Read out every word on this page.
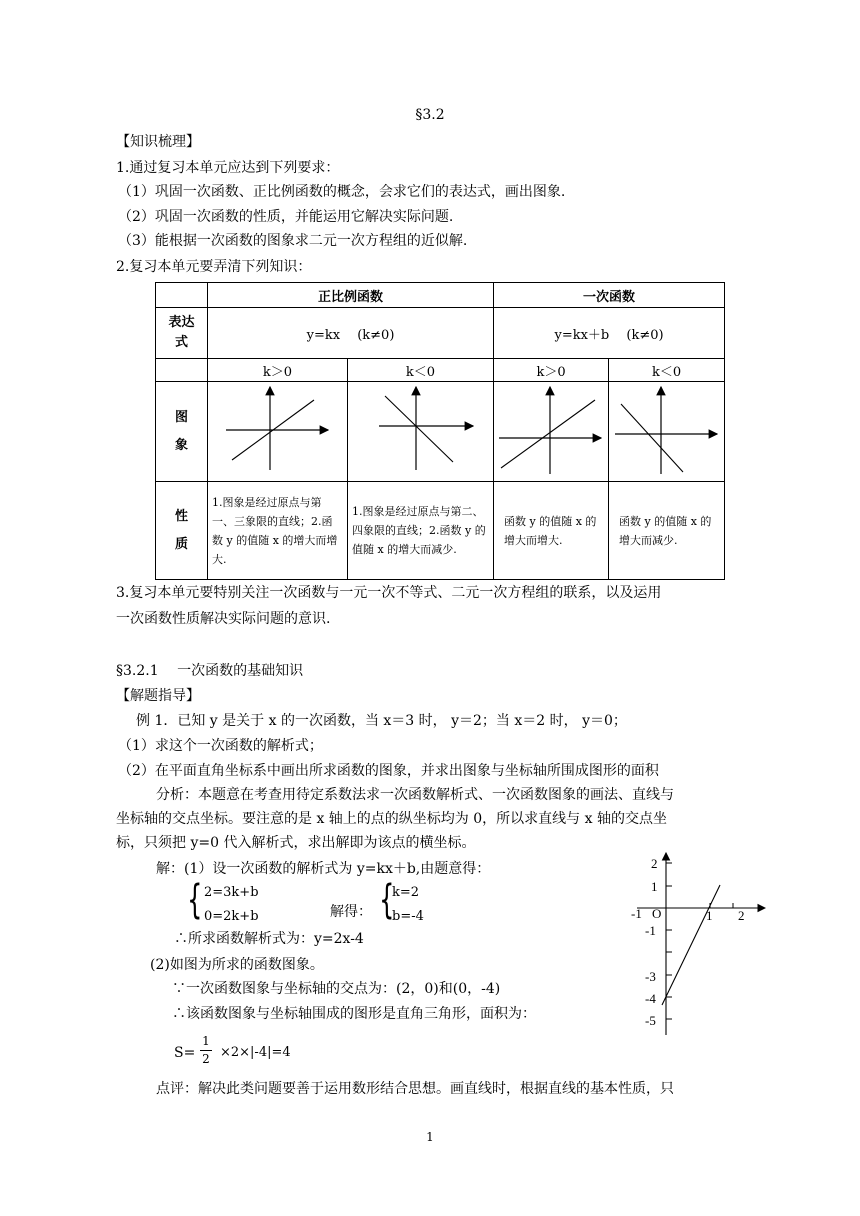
§3.2
【知识梳理】
1.通过复习本单元应达到下列要求：
（1）巩固一次函数、正比例函数的概念，会求它们的表达式，画出图象.
（2）巩固一次函数的性质，并能运用它解决实际问题.
（3）能根据一次函数的图象求二元一次方程组的近似解.
2.复习本单元要弄清下列知识：
	正比例函数		一次函数	
表达式	y=kx　 (k≠0)		y=kx＋b　 (k≠0)	
	k＞0	k＜0	k＞0	k＜0
图象				
性质	1.图象是经过原点与第一、三象限的直线；2.函数 y 的值随 x 的增大而增大.	1.图象是经过原点与第二、四象限的直线；2.函数 y 的值随 x 的增大而减少.	函数 y 的值随 x 的增大而增大.	函数 y 的值随 x 的增大而减少.
3.复习本单元要特别关注一次函数与一元一次不等式、二元一次方程组的联系，以及运用
一次函数性质解决实际问题的意识.
§3.2.1　 一次函数的基础知识
【解题指导】
例 1．已知 y 是关于 x 的一次函数，当 x＝3 时， y＝2；当 x＝2 时， y＝0；
（1）求这个一次函数的解析式；
（2）在平面直角坐标系中画出所求函数的图象，并求出图象与坐标轴所围成图形的面积
分析：本题意在考查用待定系数法求一次函数解析式、一次函数图象的画法、直线与
坐标轴的交点坐标。要注意的是 x 轴上的点的纵坐标均为 0，所以求直线与 x 轴的交点坐
标，只须把 y=0 代入解析式，求出解即为该点的横坐标。
解：(1）设一次函数的解析式为 y=kx＋b,由题意得：
{ 2=3k+b
0=2k+b	解得： {
k=2
b=-4
∴所求函数解析式为：y=2x-4
(2)如图为所求的函数图象。
∵一次函数图象与坐标轴的交点为：(2，0)和(0，-4)
∴该函数图象与坐标轴围成的图形是直角三角形，面积为：
S=
1
2 ×2×|-4|=4
点评：解决此类问题要善于运用数形结合思想。画直线时，根据直线的基本性质，只
2
1
-1
-3
-4
-5
-1 O	1 2
1
